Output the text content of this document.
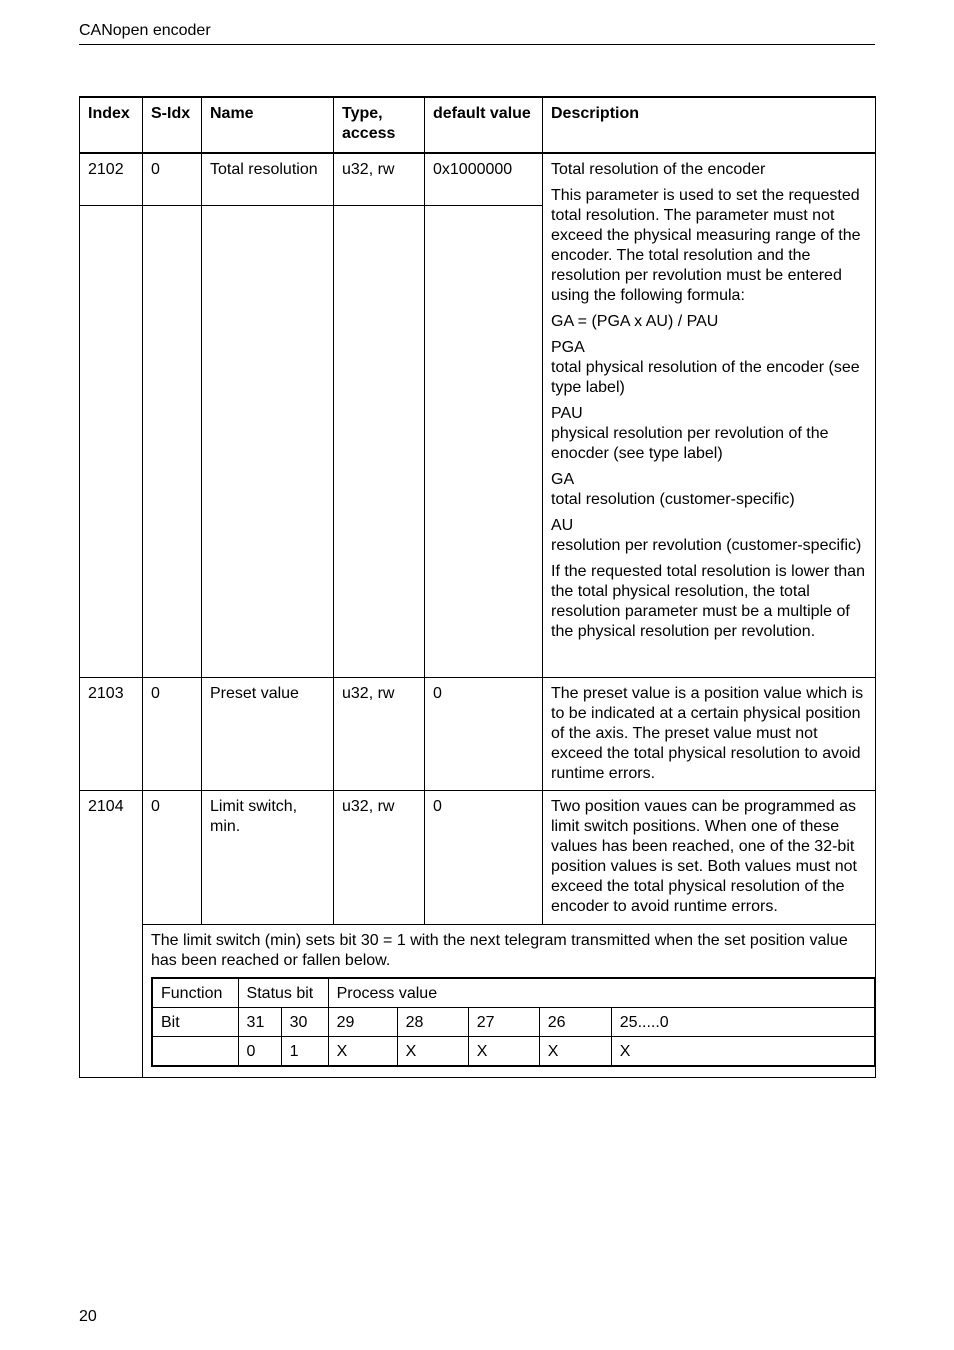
CANopen encoder
Index	S-Idx	Name	Type, access	default value	Description
2102	0	Total resolution	u32, rw	0x1000000	Total resolution of the encoder

This parameter is used to set the requested total resolution. The parameter must not exceed the physical measuring range of the encoder. The total resolution and the resolution per revolution must be entered using the following formula:

GA = (PGA x AU) / PAU

PGA
total physical resolution of the encoder (see type label)

PAU
physical resolution per revolution of the enocder (see type label)

GA
total resolution (customer-specific)

AU
resolution per revolution (customer-specific)

If the requested total resolution is lower than the total physical resolution, the total resolution parameter must be a multiple of the physical resolution per revolution.

2103	0	Preset value	u32, rw	0	The preset value is a position value which is to be indicated at a certain physical position of the axis. The preset value must not exceed the total physical resolution to avoid runtime errors.

2104	0	Limit switch, min.	u32, rw	0	Two position vaues can be programmed as limit switch positions. When one of these values has been reached, one of the 32-bit position values is set. Both values must not exceed the total physical resolution of the encoder to avoid runtime errors.

The limit switch (min) sets bit 30 = 1 with the next telegram transmitted when the set position value has been reached or fallen below.

Function	Status bit	Process value
Bit	31	30	29	28	27	26	25.....0
	0	1	X	X	X	X	X
20
